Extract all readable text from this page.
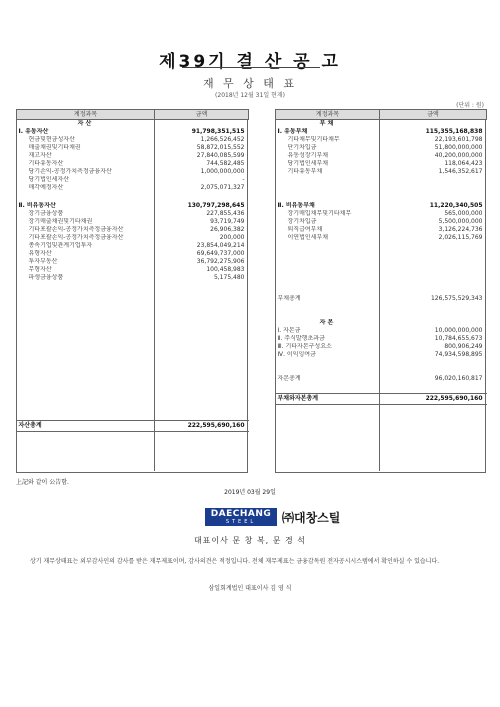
제39기 결 산 공 고
재 무 상 태 표
(2018년 12월 31일 현재)
(단위 : 원)
계정과목	금액
자 산	
Ⅰ. 유동자산	91,798,351,515
현금및현금성자산	1,266,526,452
매출채권및기타채권	58,872,015,552
재고자산	27,840,085,599
기타유동자산	744,582,485
당기손익-공정가치측정금융자산	1,000,000,000
당기법인세자산	-
매각예정자산	2,075,071,327

Ⅱ. 비유동자산	130,797,298,645
장기금융상품	227,855,436
장기매출채권및기타채권	93,719,749
기타포괄손익-공정가치측정금융자산	26,906,382
기타포괄손익-공정가치측정금융자산	200,000
종속기업및관계기업투자	23,854,049,214
유형자산	69,649,737,000
투자부동산	36,792,275,906
무형자산	100,458,983
파생금융상품	5,175,480

자산총계	222,595,690,160
계정과목	금액
부 채	
Ⅰ. 유동부채	115,355,168,838
기타채무및기타채무	22,193,601,798
단기차입금	51,800,000,000
유동성장기부채	40,200,000,000
당기법인세부채	118,064,423
기타유동부채	1,546,352,617

Ⅱ. 비유동부채	11,220,340,505
장기매입채무및기타채무	565,000,000
장기차입금	5,500,000,000
퇴직급여부채	3,126,224,736
이연법인세부채	2,026,115,769

부채총계	126,575,529,343

자 본	
Ⅰ. 자본금	10,000,000,000
Ⅱ. 주식발행초과금	10,784,655,673
Ⅲ. 기타자본구성요소	800,906,249
Ⅳ. 이익잉여금	74,934,598,895

자본총계	96,020,160,817

부채와자본총계	222,595,690,160
上記와 같이 公告함.
2019년 03월 29일
DAECHANG
STEEL	㈜대창스틸
대표이사 문 창 복, 문 경 석
상기 재무상태표는 외부감사인의 감사를 받은 재무제표이며, 감사의견은 적정입니다. 전체 재무제표는 금융감독원 전자공시시스템에서 확인하실 수 있습니다.
삼일회계법인 대표이사 김 영 식
